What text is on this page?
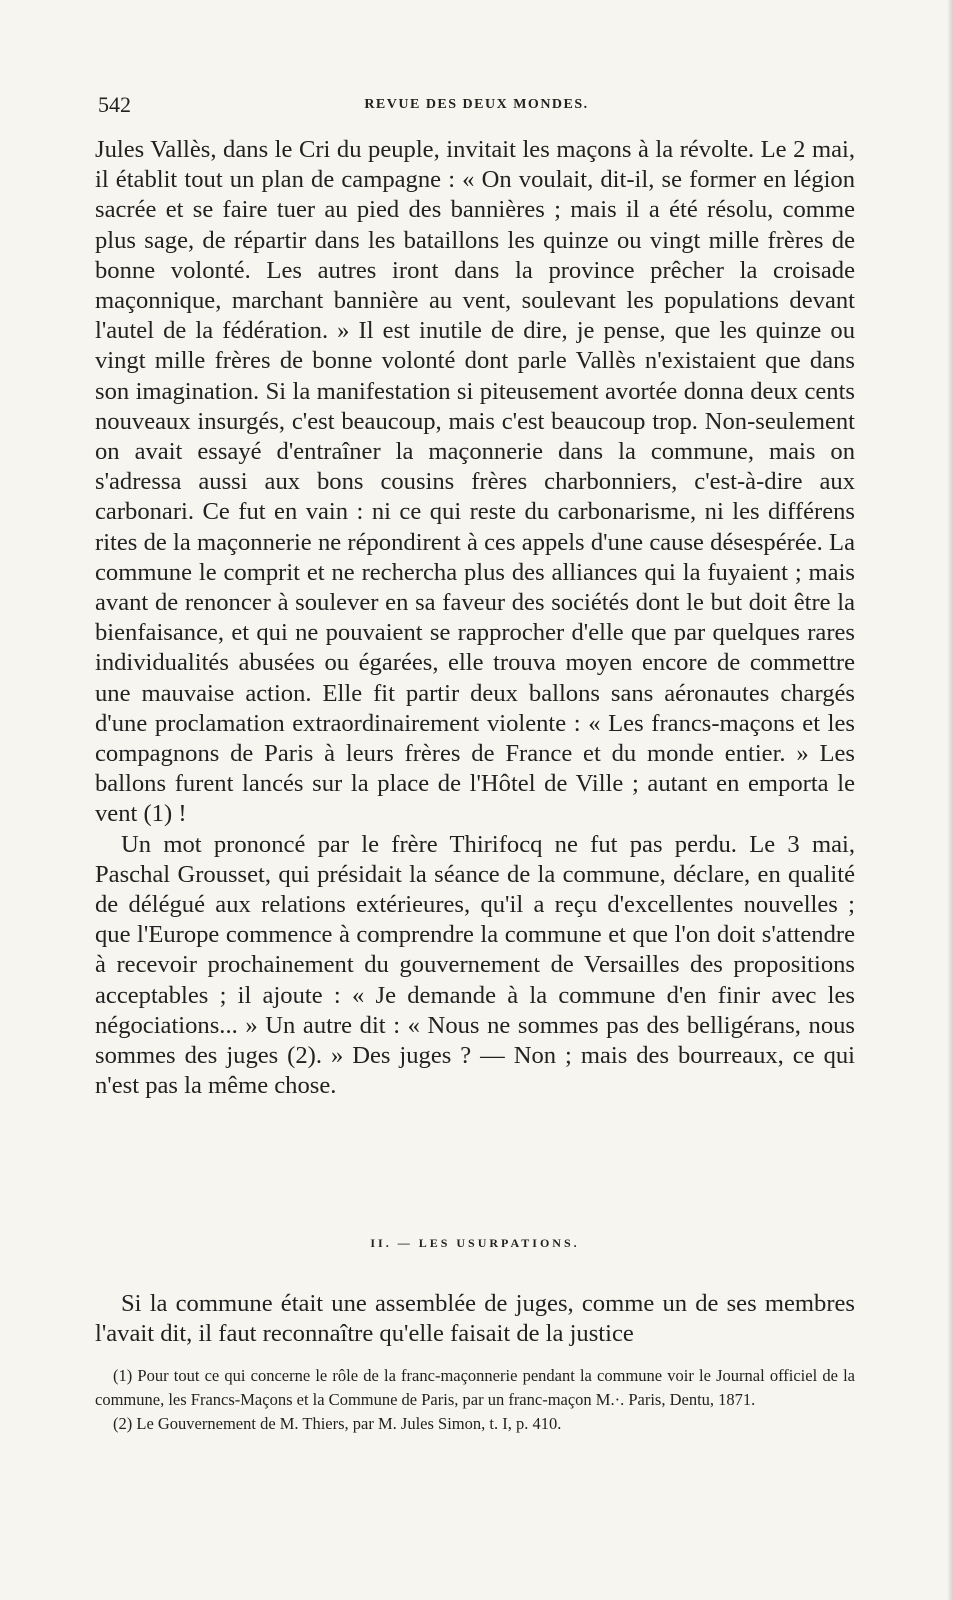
542	REVUE DES DEUX MONDES.

Jules Vallès, dans le Cri du peuple, invitait les maçons à la révolte. Le 2 mai, il établit tout un plan de campagne : « On voulait, dit-il, se former en légion sacrée et se faire tuer au pied des bannières ; mais il a été résolu, comme plus sage, de répartir dans les bataillons les quinze ou vingt mille frères de bonne volonté. Les autres iront dans la province prêcher la croisade maçonnique, marchant bannière au vent, soulevant les populations devant l'autel de la fédération. » Il est inutile de dire, je pense, que les quinze ou vingt mille frères de bonne volonté dont parle Vallès n'existaient que dans son imagination. Si la manifestation si piteusement avortée donna deux cents nouveaux insurgés, c'est beaucoup, mais c'est beaucoup trop. Non-seulement on avait essayé d'entraîner la maçonnerie dans la commune, mais on s'adressa aussi aux bons cousins frères charbonniers, c'est-à-dire aux carbonari. Ce fut en vain : ni ce qui reste du carbonarisme, ni les différens rites de la maçonnerie ne répondirent à ces appels d'une cause désespérée. La commune le comprit et ne rechercha plus des alliances qui la fuyaient ; mais avant de renoncer à soulever en sa faveur des sociétés dont le but doit être la bienfaisance, et qui ne pouvaient se rapprocher d'elle que par quelques rares individualités abusées ou égarées, elle trouva moyen encore de commettre une mauvaise action. Elle fit partir deux ballons sans aéronautes chargés d'une proclamation extraordinairement violente : « Les francs-maçons et les compagnons de Paris à leurs frères de France et du monde entier. » Les ballons furent lancés sur la place de l'Hôtel de Ville ; autant en emporta le vent (1) !

Un mot prononcé par le frère Thirifocq ne fut pas perdu. Le 3 mai, Paschal Grousset, qui présidait la séance de la commune, déclare, en qualité de délégué aux relations extérieures, qu'il a reçu d'excellentes nouvelles ; que l'Europe commence à comprendre la commune et que l'on doit s'attendre à recevoir prochainement du gouvernement de Versailles des propositions acceptables ; il ajoute : « Je demande à la commune d'en finir avec les négociations... » Un autre dit : « Nous ne sommes pas des belligérans, nous sommes des juges (2). » Des juges ? — Non ; mais des bourreaux, ce qui n'est pas la même chose.

II. — LES USURPATIONS.

Si la commune était une assemblée de juges, comme un de ses membres l'avait dit, il faut reconnaître qu'elle faisait de la justice

(1) Pour tout ce qui concerne le rôle de la franc-maçonnerie pendant la commune voir le Journal officiel de la commune, les Francs-Maçons et la Commune de Paris, par un franc-maçon M.·. Paris, Dentu, 1871.

(2) Le Gouvernement de M. Thiers, par M. Jules Simon, t. I, p. 410.
